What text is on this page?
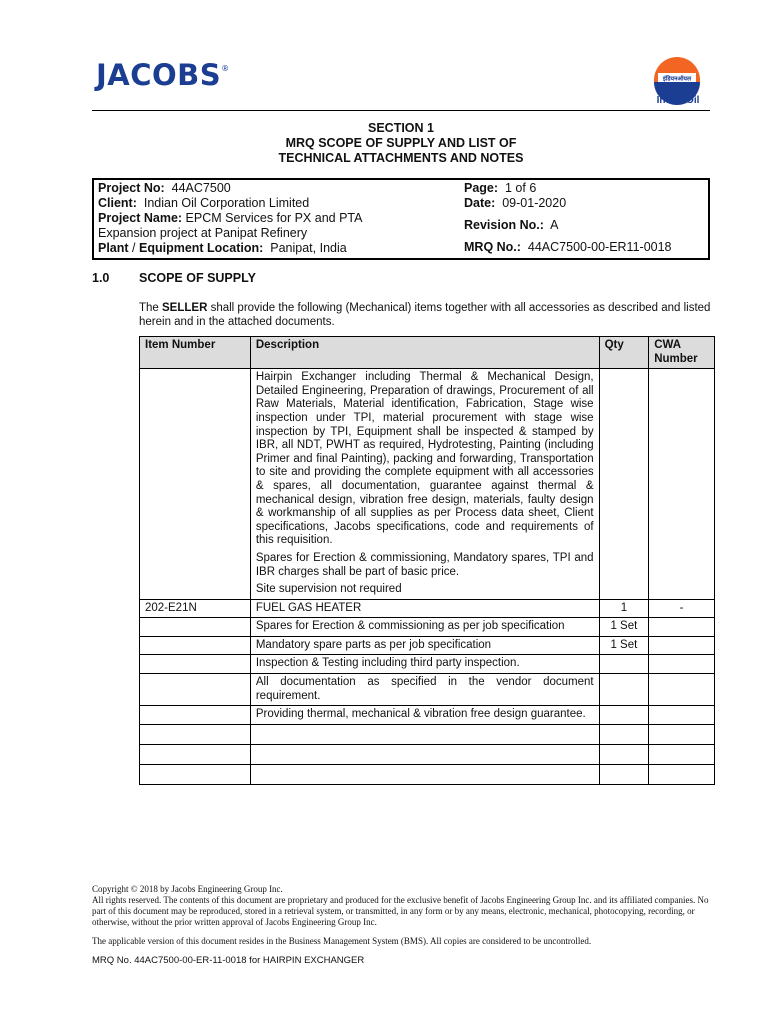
JACOBS®
इंडियनऑयल
IndianOil
SECTION 1
MRQ SCOPE OF SUPPLY AND LIST OF
TECHNICAL ATTACHMENTS AND NOTES
Project No: 44AC7500
Client: Indian Oil Corporation Limited
Project Name: EPCM Services for PX and PTA
Expansion project at Panipat Refinery
Plant / Equipment Location: Panipat, India
Page: 1 of 6
Date: 09-01-2020
Revision No.: A
MRQ No.: 44AC7500-00-ER11-0018
1.0 SCOPE OF SUPPLY
The SELLER shall provide the following (Mechanical) items together with all accessories as described and listed herein and in the attached documents.
Item Number	Description	Qty	CWA Number

	Hairpin Exchanger including Thermal & Mechanical Design, Detailed Engineering, Preparation of drawings, Procurement of all Raw Materials, Material identification, Fabrication, Stage wise inspection under TPI, material procurement with stage wise inspection by TPI, Equipment shall be inspected & stamped by IBR, all NDT, PWHT as required, Hydrotesting, Painting (including Primer and final Painting), packing and forwarding, Transportation to site and providing the complete equipment with all accessories & spares, all documentation, guarantee against thermal & mechanical design, vibration free design, materials, faulty design & workmanship of all supplies as per Process data sheet, Client specifications, Jacobs specifications, code and requirements of this requisition.
Spares for Erection & commissioning, Mandatory spares, TPI and IBR charges shall be part of basic price.
Site supervision not required		

202-E21N	FUEL GAS HEATER	1	-
	Spares for Erection & commissioning as per job specification	1 Set	
	Mandatory spare parts as per job specification	1 Set	
	Inspection & Testing including third party inspection.		
	All documentation as specified in the vendor document requirement.		
	Providing thermal, mechanical & vibration free design guarantee.		

Copyright © 2018 by Jacobs Engineering Group Inc.
All rights reserved. The contents of this document are proprietary and produced for the exclusive benefit of Jacobs Engineering Group Inc. and its affiliated companies. No part of this document may be reproduced, stored in a retrieval system, or transmitted, in any form or by any means, electronic, mechanical, photocopying, recording, or otherwise, without the prior written approval of Jacobs Engineering Group Inc.
The applicable version of this document resides in the Business Management System (BMS). All copies are considered to be uncontrolled.
MRQ No. 44AC7500-00-ER-11-0018 for HAIRPIN EXCHANGER
